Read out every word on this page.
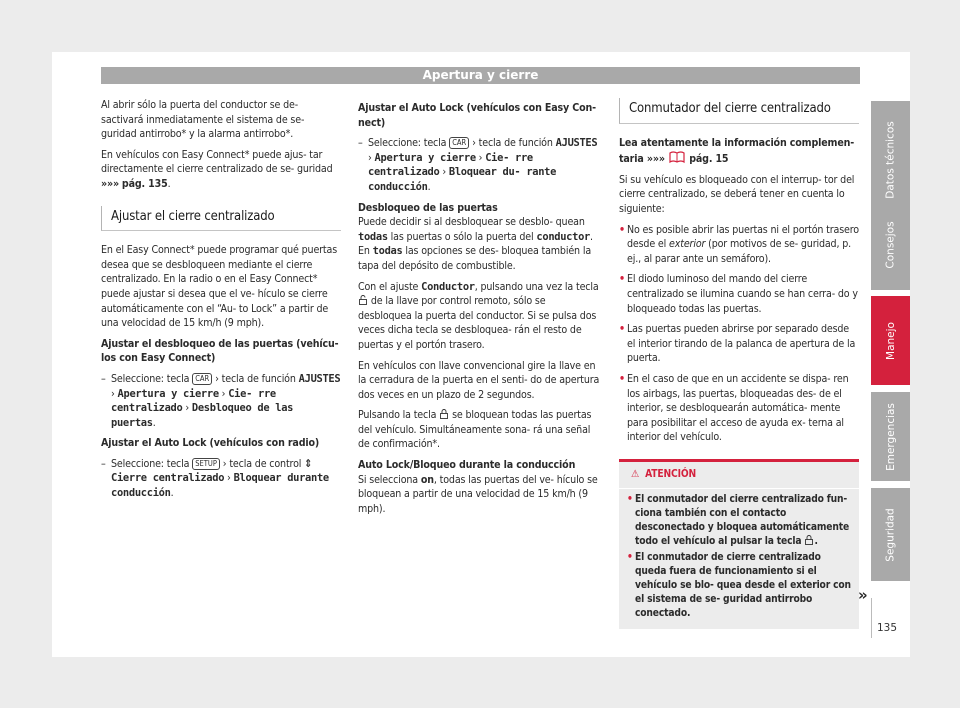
Apertura y cierre

Al abrir sólo la puerta del conductor se de- sactivará inmediatamente el sistema de se- guridad antirrobo* y la alarma antirrobo*.

En vehículos con Easy Connect* puede ajus- tar directamente el cierre centralizado de se- guridad »»» pág. 135.

Ajustar el cierre centralizado

En el Easy Connect* puede programar qué puertas desea que se desbloqueen mediante el cierre centralizado. En la radio o en el Easy Connect* puede ajustar si desea que el ve- hículo se cierre automáticamente con el “Au- to Lock” a partir de una velocidad de 15 km/h (9 mph).

Ajustar el desbloqueo de las puertas (vehícu- los con Easy Connect)

– Seleccione: tecla CAR › tecla de función AJUSTES › Apertura y cierre › Cie- rre centralizado › Desbloqueo de las puertas.

Ajustar el Auto Lock (vehículos con radio)

– Seleccione: tecla SETUP › tecla de control ⇕ Cierre centralizado › Bloquear durante conducción.

Ajustar el Auto Lock (vehículos con Easy Con- nect)

– Seleccione: tecla CAR › tecla de función AJUSTES › Apertura y cierre › Cie- rre centralizado › Bloquear du- rante conducción.

Desbloqueo de las puertas

Puede decidir si al desbloquear se desblo- quean todas las puertas o sólo la puerta del conductor. En todas las opciones se des- bloquea también la tapa del depósito de combustible.

Con el ajuste Conductor, pulsando una vez la tecla  de la llave por control remoto, sólo se desbloquea la puerta del conductor. Si se pulsa dos veces dicha tecla se desbloquea- rán el resto de puertas y el portón trasero.

En vehículos con llave convencional gire la llave en la cerradura de la puerta en el senti- do de apertura dos veces en un plazo de 2 segundos.

Pulsando la tecla se bloquean todas las puertas del vehículo. Simultáneamente sona- rá una señal de confirmación*.

Auto Lock/Bloqueo durante la conducción

Si selecciona on, todas las puertas del ve- hículo se bloquean a partir de una velocidad de 15 km/h (9 mph).

Conmutador del cierre centralizado

Lea atentamente la información complemen- taria »»» pág. 15

Si su vehículo es bloqueado con el interrup- tor del cierre centralizado, se deberá tener en cuenta lo siguiente:

• No es posible abrir las puertas ni el portón trasero desde el exterior (por motivos de se- guridad, p. ej., al parar ante un semáforo).
• El diodo luminoso del mando del cierre centralizado se ilumina cuando se han cerra- do y bloqueado todas las puertas.
• Las puertas pueden abrirse por separado desde el interior tirando de la palanca de apertura de la puerta.
• En el caso de que en un accidente se dispa- ren los airbags, las puertas, bloqueadas des- de el interior, se desbloquearán automática- mente para posibilitar el acceso de ayuda ex- terna al interior del vehículo.
⚠ ATENCIÓN
• El conmutador del cierre centralizado fun- ciona también con el contacto desconectado y bloquea automáticamente todo el vehículo al pulsar la tecla .
• El conmutador de cierre centralizado queda fuera de funcionamiento si el vehículo se blo- quea desde el exterior con el sistema de se- guridad antirrobo conectado.
Datos técnicos
Consejos
Manejo
Emergencias
Seguridad
»
135
